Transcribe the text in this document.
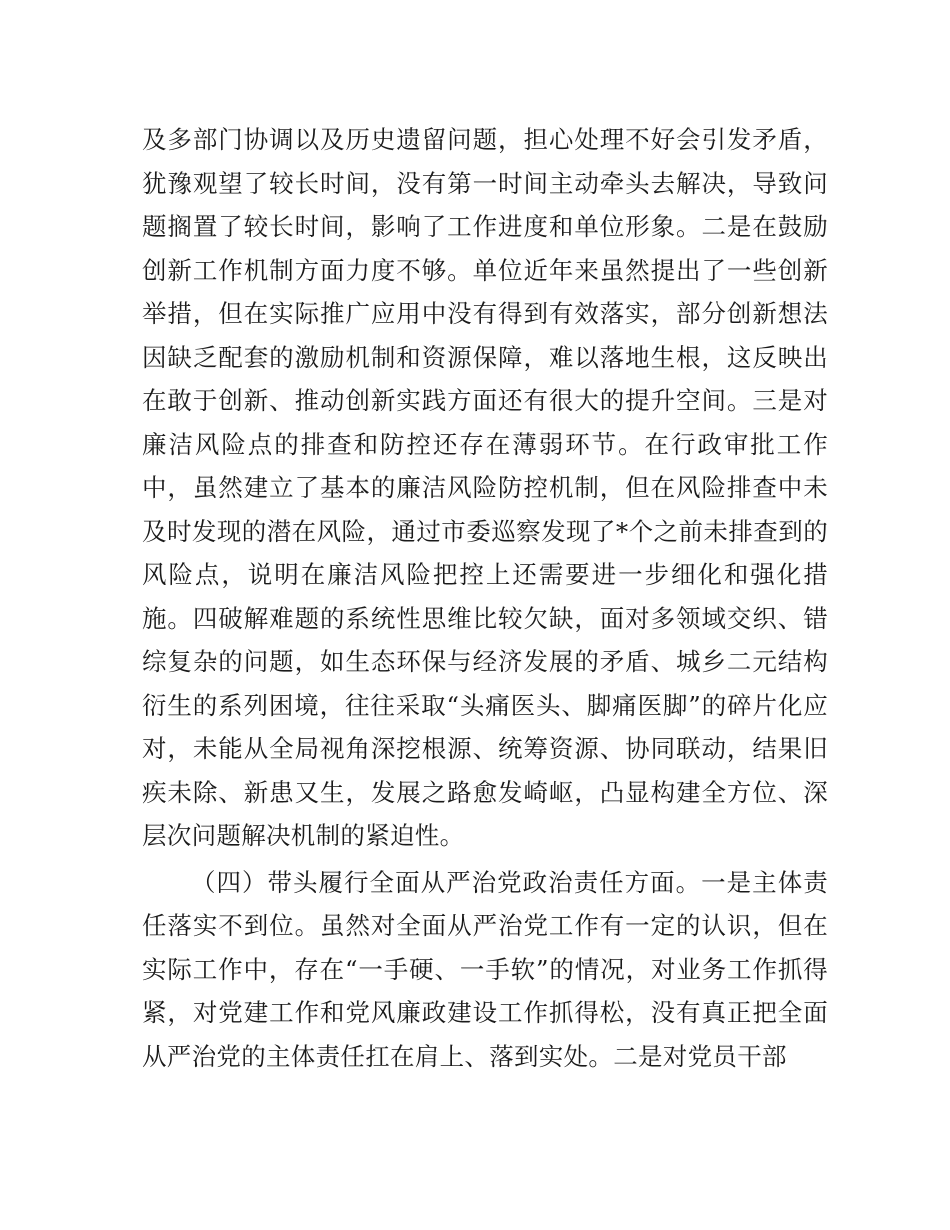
及多部门协调以及历史遗留问题，担心处理不好会引发矛盾，犹豫观望了较长时间，没有第一时间主动牵头去解决，导致问题搁置了较长时间，影响了工作进度和单位形象。二是在鼓励创新工作机制方面力度不够。单位近年来虽然提出了一些创新举措，但在实际推广应用中没有得到有效落实，部分创新想法因缺乏配套的激励机制和资源保障，难以落地生根，这反映出在敢于创新、推动创新实践方面还有很大的提升空间。三是对廉洁风险点的排查和防控还存在薄弱环节。在行政审批工作中，虽然建立了基本的廉洁风险防控机制，但在风险排查中未及时发现的潜在风险，通过市委巡察发现了*个之前未排查到的风险点，说明在廉洁风险把控上还需要进一步细化和强化措施。四破解难题的系统性思维比较欠缺，面对多领域交织、错综复杂的问题，如生态环保与经济发展的矛盾、城乡二元结构衍生的系列困境，往往采取“头痛医头、脚痛医脚”的碎片化应对，未能从全局视角深挖根源、统筹资源、协同联动，结果旧疾未除、新患又生，发展之路愈发崎岖，凸显构建全方位、深层次问题解决机制的紧迫性。

（四）带头履行全面从严治党政治责任方面。一是主体责任落实不到位。虽然对全面从严治党工作有一定的认识，但在实际工作中，存在“一手硬、一手软”的情况，对业务工作抓得紧，对党建工作和党风廉政建设工作抓得松，没有真正把全面从严治党的主体责任扛在肩上、落到实处。二是对党员干部
